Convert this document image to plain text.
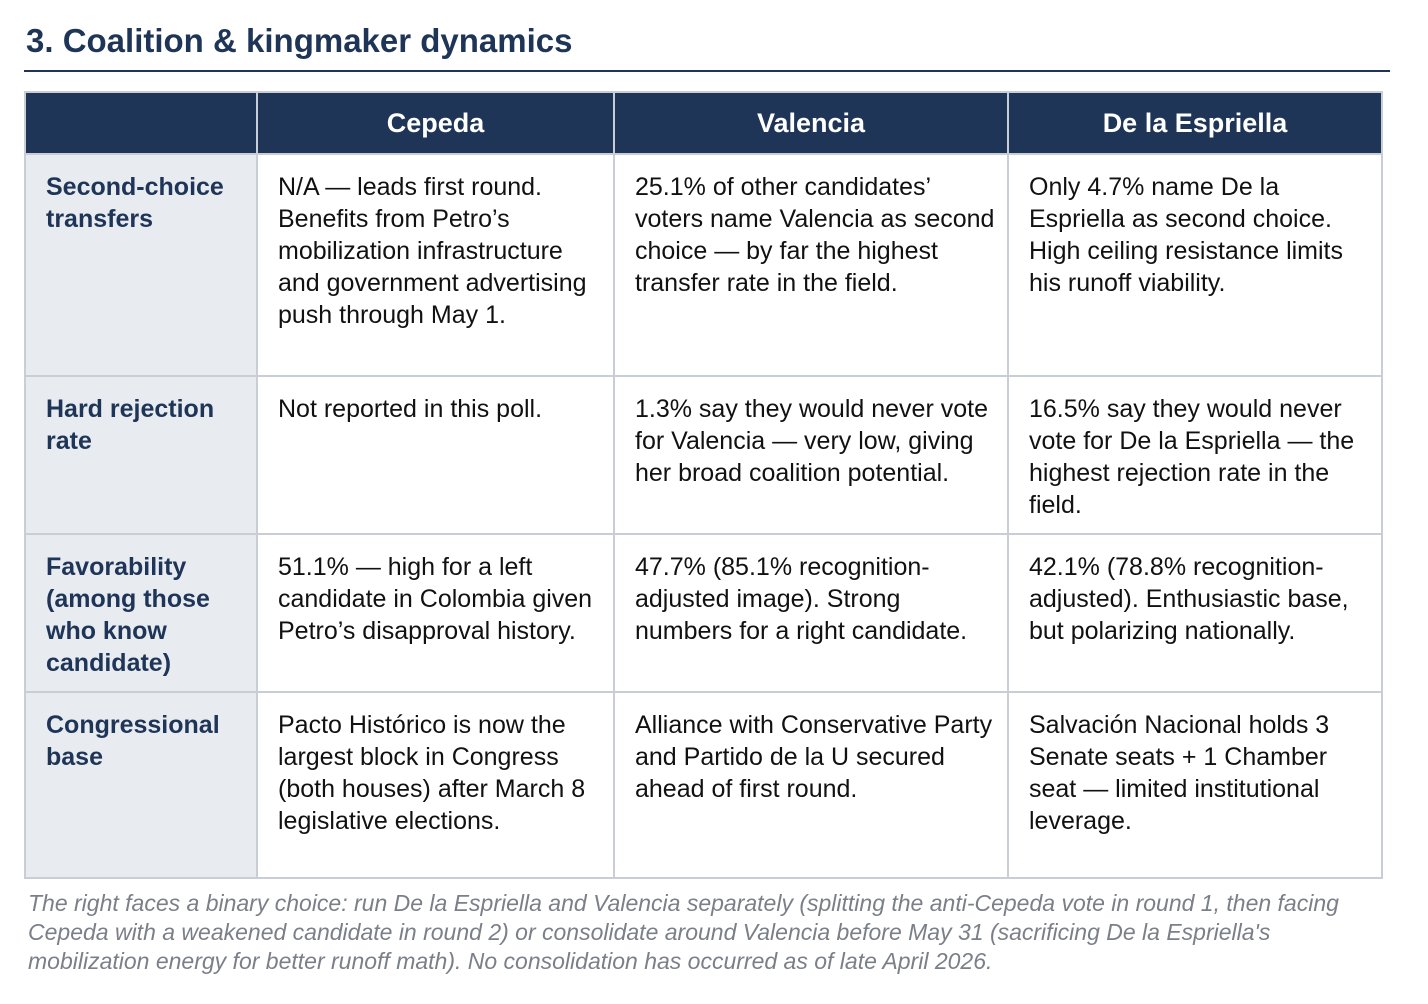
3. Coalition & kingmaker dynamics
	Cepeda	Valencia	De la Espriella
Second-choice transfers	N/A — leads first round. Benefits from Petro’s mobilization infrastructure and government advertising push through May 1.	25.1% of other candidates’ voters name Valencia as second choice — by far the highest transfer rate in the field.	Only 4.7% name De la Espriella as second choice. High ceiling resistance limits his runoff viability.
Hard rejection rate	Not reported in this poll.	1.3% say they would never vote for Valencia — very low, giving her broad coalition potential.	16.5% say they would never vote for De la Espriella — the highest rejection rate in the field.
Favorability (among those who know candidate)	51.1% — high for a left candidate in Colombia given Petro’s disapproval history.	47.7% (85.1% recognition-adjusted image). Strong numbers for a right candidate.	42.1% (78.8% recognition-adjusted). Enthusiastic base, but polarizing nationally.
Congressional base	Pacto Histórico is now the largest block in Congress (both houses) after March 8 legislative elections.	Alliance with Conservative Party and Partido de la U secured ahead of first round.	Salvación Nacional holds 3 Senate seats + 1 Chamber seat — limited institutional leverage.

The right faces a binary choice: run De la Espriella and Valencia separately (splitting the anti-Cepeda vote in round 1, then facing Cepeda with a weakened candidate in round 2) or consolidate around Valencia before May 31 (sacrificing De la Espriella's mobilization energy for better runoff math). No consolidation has occurred as of late April 2026.
